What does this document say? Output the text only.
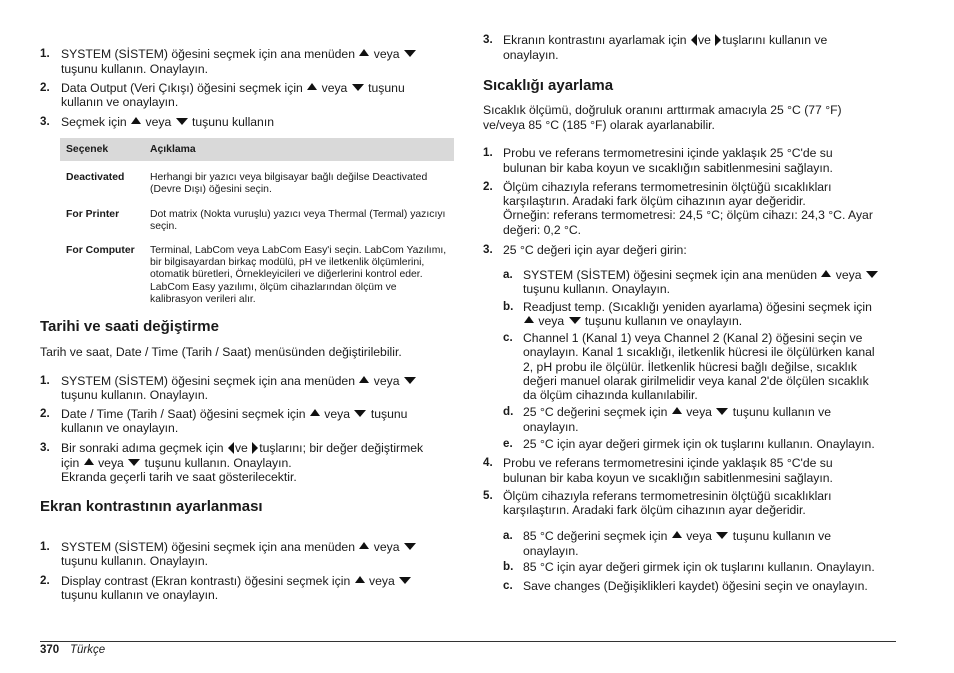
1. SYSTEM (SİSTEM) öğesini seçmek için ana menüden veya
tuşunu kullanın. Onaylayın.
2. Data Output (Veri Çıkışı) öğesini seçmek için veya tuşunu
kullanın ve onaylayın.
3. Seçmek için veya tuşunu kullanın
Seçenek	Açıklama
Deactivated	Herhangi bir yazıcı veya bilgisayar bağlı değilse Deactivated (Devre Dışı) öğesini seçin.
For Printer	Dot matrix (Nokta vuruşlu) yazıcı veya Thermal (Termal) yazıcıyı seçin.
For Computer	Terminal, LabCom veya LabCom Easy'i seçin. LabCom Yazılımı, bir bilgisayardan birkaç modülü, pH ve iletkenlik ölçümlerini, otomatik büretleri, Örnekleyicileri ve diğerlerini kontrol eder. LabCom Easy yazılımı, ölçüm cihazlarından ölçüm ve kalibrasyon verileri alır.
Tarihi ve saati değiştirme
Tarih ve saat, Date / Time (Tarih / Saat) menüsünden değiştirilebilir.
1. SYSTEM (SİSTEM) öğesini seçmek için ana menüden veya
tuşunu kullanın. Onaylayın.
2. Date / Time (Tarih / Saat) öğesini seçmek için veya tuşunu
kullanın ve onaylayın.
3. Bir sonraki adıma geçmek için ve tuşlarını; bir değer değiştirmek
için veya tuşunu kullanın. Onaylayın.
Ekranda geçerli tarih ve saat gösterilecektir.
Ekran kontrastının ayarlanması
1. SYSTEM (SİSTEM) öğesini seçmek için ana menüden veya
tuşunu kullanın. Onaylayın.
2. Display contrast (Ekran kontrastı) öğesini seçmek için veya
tuşunu kullanın ve onaylayın.
3. Ekranın kontrastını ayarlamak için ve tuşlarını kullanın ve
onaylayın.
Sıcaklığı ayarlama
Sıcaklık ölçümü, doğruluk oranını arttırmak amacıyla 25 °C (77 °F)
ve/veya 85 °C (185 °F) olarak ayarlanabilir.
1. Probu ve referans termometresini içinde yaklaşık 25 °C'de su
bulunan bir kaba koyun ve sıcaklığın sabitlenmesini sağlayın.
2. Ölçüm cihazıyla referans termometresinin ölçtüğü sıcaklıkları
karşılaştırın. Aradaki fark ölçüm cihazının ayar değeridir.
Örneğin: referans termometresi: 24,5 °C; ölçüm cihazı: 24,3 °C. Ayar
değeri: 0,2 °C.
3. 25 °C değeri için ayar değeri girin:
a. SYSTEM (SİSTEM) öğesini seçmek için ana menüden veya
tuşunu kullanın. Onaylayın.
b. Readjust temp. (Sıcaklığı yeniden ayarlama) öğesini seçmek için
veya tuşunu kullanın ve onaylayın.
c. Channel 1 (Kanal 1) veya Channel 2 (Kanal 2) öğesini seçin ve
onaylayın. Kanal 1 sıcaklığı, iletkenlik hücresi ile ölçülürken kanal
2, pH probu ile ölçülür. İletkenlik hücresi bağlı değilse, sıcaklık
değeri manuel olarak girilmelidir veya kanal 2'de ölçülen sıcaklık
da ölçüm cihazında kullanılabilir.
d. 25 °C değerini seçmek için veya tuşunu kullanın ve
onaylayın.
e. 25 °C için ayar değeri girmek için ok tuşlarını kullanın. Onaylayın.
4. Probu ve referans termometresini içinde yaklaşık 85 °C'de su
bulunan bir kaba koyun ve sıcaklığın sabitlenmesini sağlayın.
5. Ölçüm cihazıyla referans termometresinin ölçtüğü sıcaklıkları
karşılaştırın. Aradaki fark ölçüm cihazının ayar değeridir.
a. 85 °C değerini seçmek için veya tuşunu kullanın ve
onaylayın.
b. 85 °C için ayar değeri girmek için ok tuşlarını kullanın. Onaylayın.
c. Save changes (Değişiklikleri kaydet) öğesini seçin ve onaylayın.
370 Türkçe
